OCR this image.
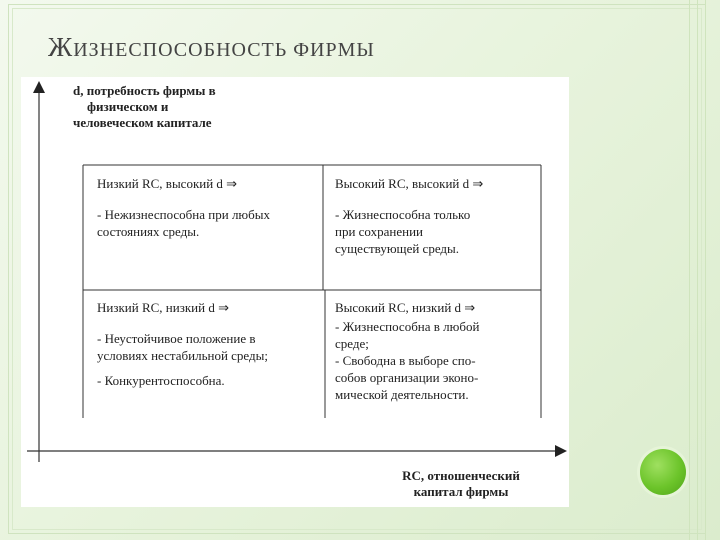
ЖИЗНЕСПОСОБНОСТЬ ФИРМЫ
d, потребность фирмы в
физическом и
человеческом капитале
Низкий RC, высокий d ⇒
- Нежизнеспособна при любых
состояниях среды.
Высокий RC, высокий d ⇒
- Жизнеспособна только
при сохранении
существующей среды.
Низкий RC, низкий d ⇒
- Неустойчивое положение в
условиях нестабильной среды;
- Конкурентоспособна.
Высокий RC, низкий d ⇒
- Жизнеспособна в любой
среде;
- Свободна в выборе спо-
собов организации эконо-
мической деятельности.
RC, отношенческий
капитал фирмы
